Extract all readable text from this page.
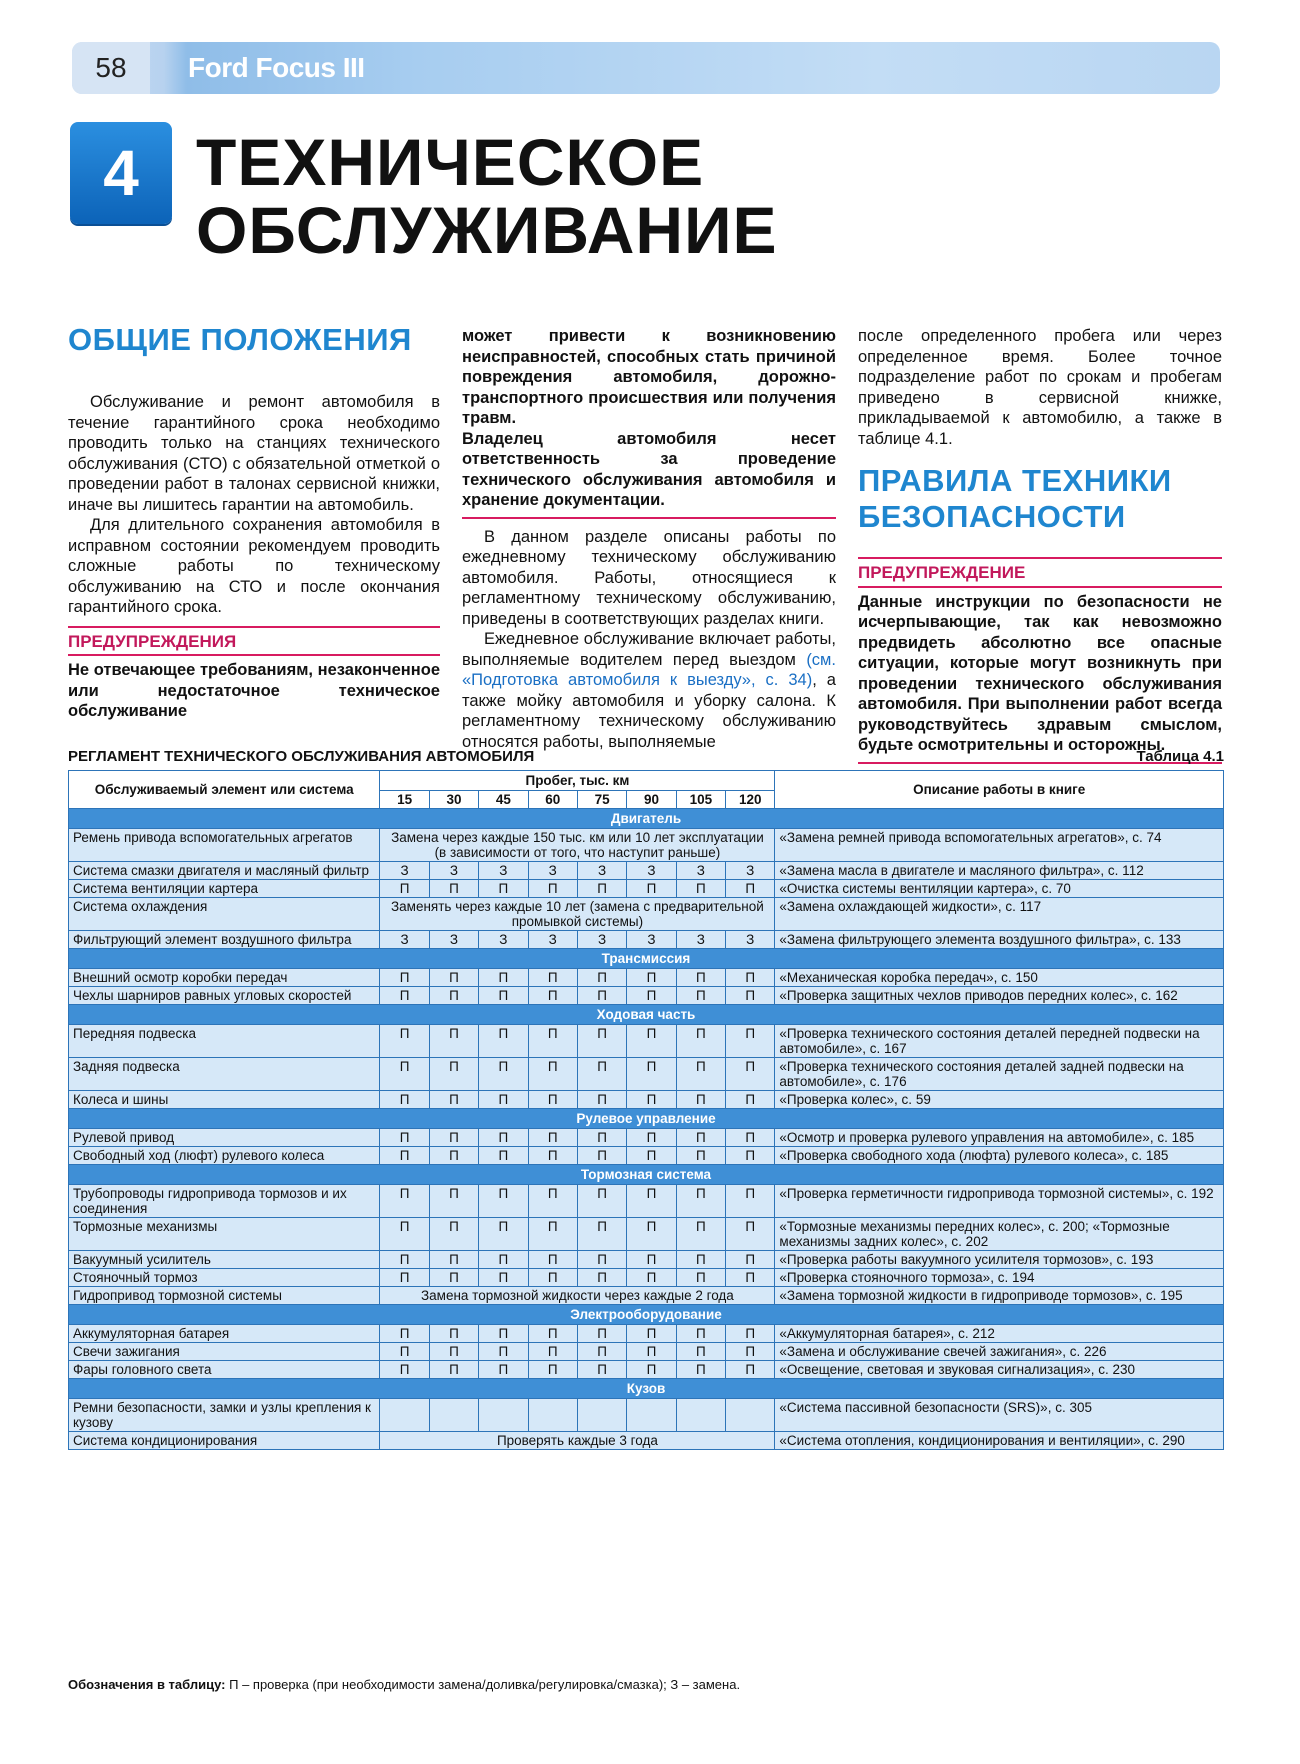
58	Ford Focus III
4 ТЕХНИЧЕСКОЕ
ОБСЛУЖИВАНИЕ
ОБЩИЕ ПОЛОЖЕНИЯ

Обслуживание и ремонт автомобиля в течение гарантийного срока необходимо проводить только на станциях технического обслуживания (СТО) с обязательной отметкой о проведении работ в талонах сервисной книжки, иначе вы лишитесь гарантии на автомобиль.

Для длительного сохранения автомобиля в исправном состоянии рекомендуем проводить сложные работы по техническому обслуживанию на СТО и после окончания гарантийного срока.

ПРЕДУПРЕЖДЕНИЯ

Не отвечающее требованиям, незаконченное или недостаточное техническое обслуживание

может привести к возникновению неисправностей, способных стать причиной повреждения автомобиля, дорожно-транспортного происшествия или получения травм.

Владелец автомобиля несет ответственность за проведение технического обслуживания автомобиля и хранение документации.

В данном разделе описаны работы по ежедневному техническому обслуживанию автомобиля. Работы, относящиеся к регламентному техническому обслуживанию, приведены в соответствующих разделах книги.

Ежедневное обслуживание включает работы, выполняемые водителем перед выездом (см. «Подготовка автомобиля к выезду», с. 34), а также мойку автомобиля и уборку салона. К регламентному техническому обслуживанию относятся работы, выполняемые

после определенного пробега или через определенное время. Более точное подразделение работ по срокам и пробегам приведено в сервисной книжке, прикладываемой к автомобилю, а также в таблице 4.1.

ПРАВИЛА ТЕХНИКИ БЕЗОПАСНОСТИ
ПРЕДУПРЕЖДЕНИЕ

Данные инструкции по безопасности не исчерпывающие, так как невозможно предвидеть абсолютно все опасные ситуации, которые могут возникнуть при проведении технического обслуживания автомобиля. При выполнении работ всегда руководствуйтесь здравым смыслом, будьте осмотрительны и осторожны.

РЕГЛАМЕНТ ТЕХНИЧЕСКОГО ОБСЛУЖИВАНИЯ АВТОМОБИЛЯ	Таблица 4.1
Обслуживаемый элемент или система	Пробег, тыс. км								Описание работы в книге
	15	30	45	60	75	90	105	120	
Двигатель									
Ремень привода вспомогательных агрегатов	Замена через каждые 150 тыс. км или 10 лет эксплуатации (в зависимости от того, что наступит раньше)								«Замена ремней привода вспомогательных агрегатов», с. 74
Система смазки двигателя и масляный фильтр	З	З	З	З	З	З	З	З	«Замена масла в двигателе и масляного фильтра», с. 112
Система вентиляции картера	П	П	П	П	П	П	П	П	«Очистка системы вентиляции картера», с. 70
Система охлаждения	Заменять через каждые 10 лет (замена с предварительной промывкой системы)								«Замена охлаждающей жидкости», с. 117
Фильтрующий элемент воздушного фильтра	З	З	З	З	З	З	З	З	«Замена фильтрующего элемента воздушного фильтра», с. 133
Трансмиссия									
Внешний осмотр коробки передач	П	П	П	П	П	П	П	П	«Механическая коробка передач», с. 150
Чехлы шарниров равных угловых скоростей	П	П	П	П	П	П	П	П	«Проверка защитных чехлов приводов передних колес», с. 162
Ходовая часть									
Передняя подвеска	П	П	П	П	П	П	П	П	«Проверка технического состояния деталей передней подвески на автомобиле», с. 167
Задняя подвеска	П	П	П	П	П	П	П	П	«Проверка технического состояния деталей задней подвески на автомобиле», с. 176
Колеса и шины	П	П	П	П	П	П	П	П	«Проверка колес», с. 59
Рулевое управление									
Рулевой привод	П	П	П	П	П	П	П	П	«Осмотр и проверка рулевого управления на автомобиле», с. 185
Свободный ход (люфт) рулевого колеса	П	П	П	П	П	П	П	П	«Проверка свободного хода (люфта) рулевого колеса», с. 185
Тормозная система									
Трубопроводы гидропривода тормозов и их соединения	П	П	П	П	П	П	П	П	«Проверка герметичности гидропривода тормозной системы», с. 192
Тормозные механизмы	П	П	П	П	П	П	П	П	«Тормозные механизмы передних колес», с. 200; «Тормозные механизмы задних колес», с. 202
Вакуумный усилитель	П	П	П	П	П	П	П	П	«Проверка работы вакуумного усилителя тормозов», с. 193
Стояночный тормоз	П	П	П	П	П	П	П	П	«Проверка стояночного тормоза», с. 194
Гидропривод тормозной системы	Замена тормозной жидкости через каждые 2 года								«Замена тормозной жидкости в гидроприводе тормозов», с. 195
Электрооборудование									
Аккумуляторная батарея	П	П	П	П	П	П	П	П	«Аккумуляторная батарея», с. 212
Свечи зажигания	П	П	П	П	П	П	П	П	«Замена и обслуживание свечей зажигания», с. 226
Фары головного света	П	П	П	П	П	П	П	П	«Освещение, световая и звуковая сигнализация», с. 230
Кузов									
Ремни безопасности, замки и узлы крепления к кузову									«Система пассивной безопасности (SRS)», с. 305
Система кондиционирования	Проверять каждые 3 года								«Система отопления, кондиционирования и вентиляции», с. 290
Обозначения в таблицу: П – проверка (при необходимости замена/доливка/регулировка/смазка); З – замена.
